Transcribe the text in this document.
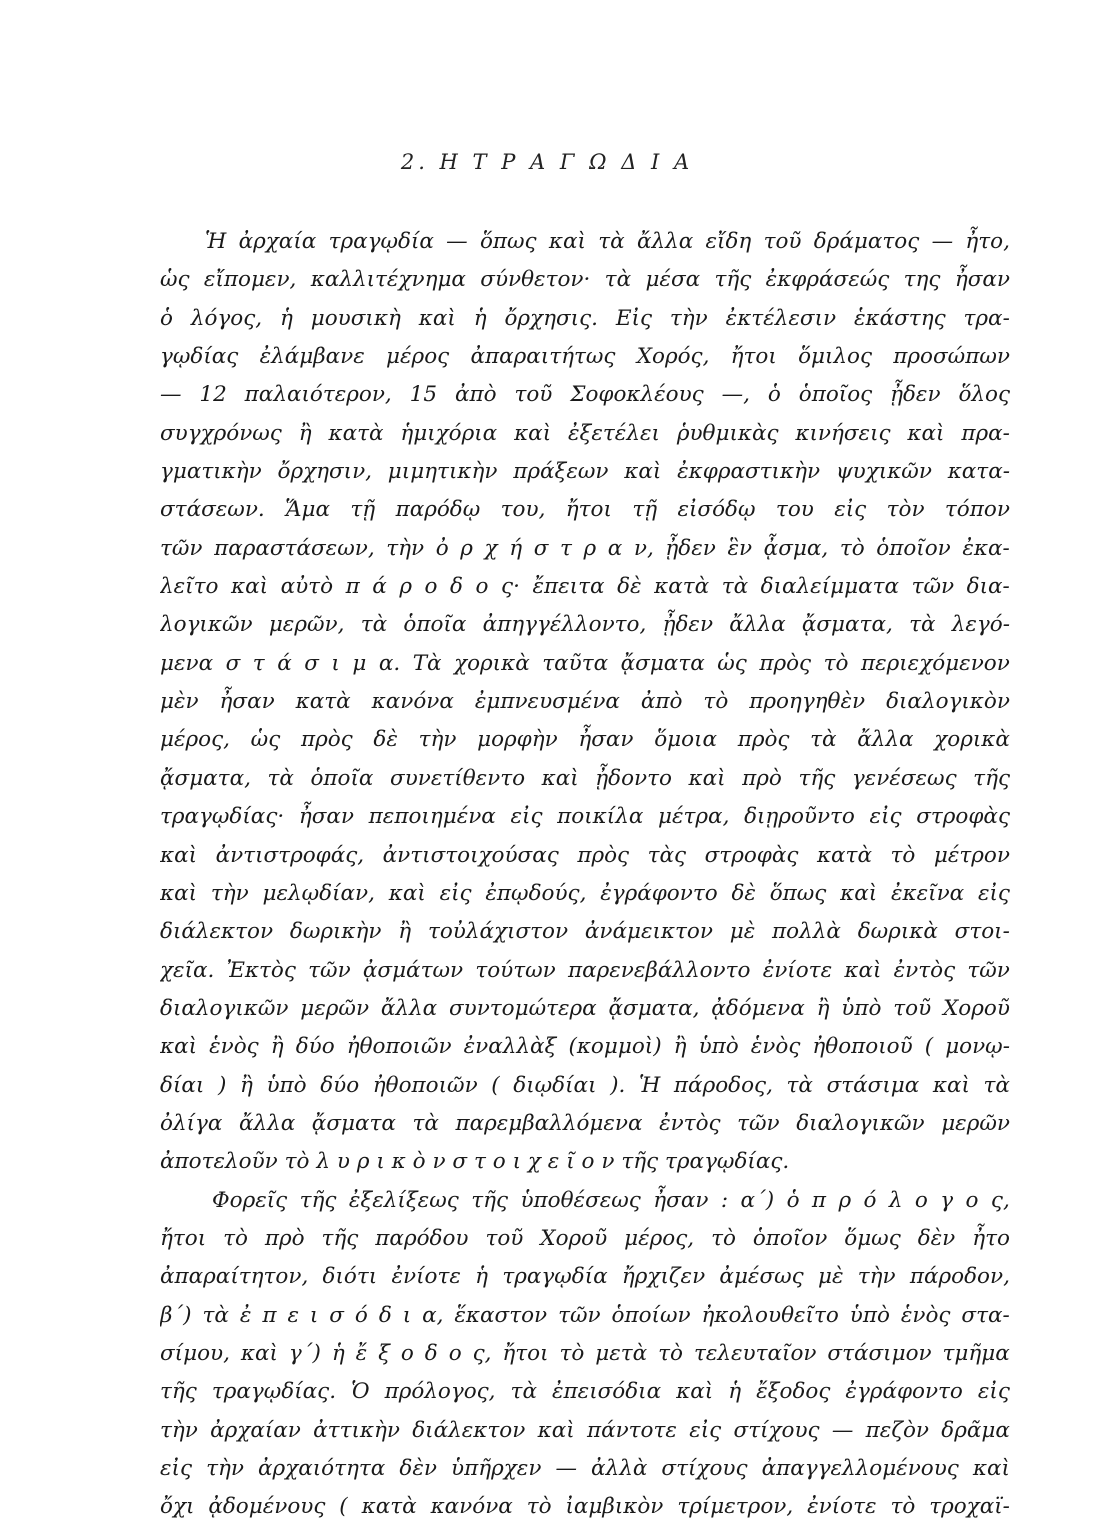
2. Η Τ Ρ Α Γ Ω Δ Ι Α
Ἡ ἀρχαία τραγῳδία — ὅπως καὶ τὰ ἄλλα εἴδη τοῦ δράματος — ἦτο,
ὡς εἴπομεν, καλλιτέχνημα σύνθετον· τὰ μέσα τῆς ἐκφράσεώς της ἦσαν
ὁ λόγος, ἡ μουσικὴ καὶ ἡ ὄρχησις. Εἰς τὴν ἐκτέλεσιν ἑκάστης τρα-
γῳδίας ἐλάμβανε μέρος ἀπαραιτήτως Χορός, ἤτοι ὅμιλος προσώπων
— 12 παλαιότερον, 15 ἀπὸ τοῦ Σοφοκλέους —, ὁ ὁποῖος ᾖδεν ὅλος
συγχρόνως ἢ κατὰ ἡμιχόρια καὶ ἐξετέλει ῥυθμικὰς κινήσεις καὶ πρα-
γματικὴν ὄρχησιν, μιμητικὴν πράξεων καὶ ἐκφραστικὴν ψυχικῶν κατα-
στάσεων. Ἅμα τῇ παρόδῳ του, ἤτοι τῇ εἰσόδῳ του εἰς τὸν τόπον
τῶν παραστάσεων, τὴν ὀ ρ χ ή σ τ ρ α ν, ᾖδεν ἓν ᾆσμα, τὸ ὁποῖον ἐκα-
λεῖτο καὶ αὐτὸ π ά ρ ο δ ο ς· ἔπειτα δὲ κατὰ τὰ διαλείμματα τῶν δια-
λογικῶν μερῶν, τὰ ὁποῖα ἀπηγγέλλοντο, ᾖδεν ἄλλα ᾄσματα, τὰ λεγό-
μενα σ τ ά σ ι μ α. Τὰ χορικὰ ταῦτα ᾄσματα ὡς πρὸς τὸ περιεχόμενον
μὲν ἦσαν κατὰ κανόνα ἐμπνευσμένα ἀπὸ τὸ προηγηθὲν διαλογικὸν
μέρος, ὡς πρὸς δὲ τὴν μορφὴν ἦσαν ὅμοια πρὸς τὰ ἄλλα χορικὰ
ᾄσματα, τὰ ὁποῖα συνετίθεντο καὶ ᾖδοντο καὶ πρὸ τῆς γενέσεως τῆς
τραγῳδίας· ἦσαν πεποιημένα εἰς ποικίλα μέτρα, διῃροῦντο εἰς στροφὰς
καὶ ἀντιστροφάς, ἀντιστοιχούσας πρὸς τὰς στροφὰς κατὰ τὸ μέτρον
καὶ τὴν μελῳδίαν, καὶ εἰς ἐπῳδούς, ἐγράφοντο δὲ ὅπως καὶ ἐκεῖνα εἰς
διάλεκτον δωρικὴν ἢ τοὐλάχιστον ἀνάμεικτον μὲ πολλὰ δωρικὰ στοι-
χεῖα. Ἐκτὸς τῶν ᾀσμάτων τούτων παρενεβάλλοντο ἐνίοτε καὶ ἐντὸς τῶν
διαλογικῶν μερῶν ἄλλα συντομώτερα ᾄσματα, ᾀδόμενα ἢ ὑπὸ τοῦ Χοροῦ
καὶ ἑνὸς ἢ δύο ἠθοποιῶν ἐναλλὰξ (κομμοὶ) ἢ ὑπὸ ἑνὸς ἠθοποιοῦ ( μονῳ-
δίαι ) ἢ ὑπὸ δύο ἠθοποιῶν ( διῳδίαι ). Ἡ πάροδος, τὰ στάσιμα καὶ τὰ
ὀλίγα ἄλλα ᾄσματα τὰ παρεμβαλλόμενα ἐντὸς τῶν διαλογικῶν μερῶν
ἀποτελοῦν τὸ λ υ ρ ι κ ὸ ν σ τ ο ι χ ε ῖ ο ν τῆς τραγῳδίας.
Φορεῖς τῆς ἐξελίξεως τῆς ὑποθέσεως ἦσαν : α΄) ὁ π ρ ό λ ο γ ο ς,
ἤτοι τὸ πρὸ τῆς παρόδου τοῦ Χοροῦ μέρος, τὸ ὁποῖον ὅμως δὲν ἦτο
ἀπαραίτητον, διότι ἐνίοτε ἡ τραγῳδία ἤρχιζεν ἀμέσως μὲ τὴν πάροδον,
β΄) τὰ ἐ π ε ι σ ό δ ι α, ἕκαστον τῶν ὁποίων ἠκολουθεῖτο ὑπὸ ἑνὸς στα-
σίμου, καὶ γ΄) ἡ ἔ ξ ο δ ο ς, ἤτοι τὸ μετὰ τὸ τελευταῖον στάσιμον τμῆμα
τῆς τραγῳδίας. Ὁ πρόλογος, τὰ ἐπεισόδια καὶ ἡ ἔξοδος ἐγράφοντο εἰς
τὴν ἀρχαίαν ἀττικὴν διάλεκτον καὶ πάντοτε εἰς στίχους — πεζὸν δρᾶμα
εἰς τὴν ἀρχαιότητα δὲν ὑπῆρχεν — ἀλλὰ στίχους ἀπαγγελλομένους καὶ
ὄχι ᾀδομένους ( κατὰ κανόνα τὸ ἰαμβικὸν τρίμετρον, ἐνίοτε τὸ τροχαϊ-
